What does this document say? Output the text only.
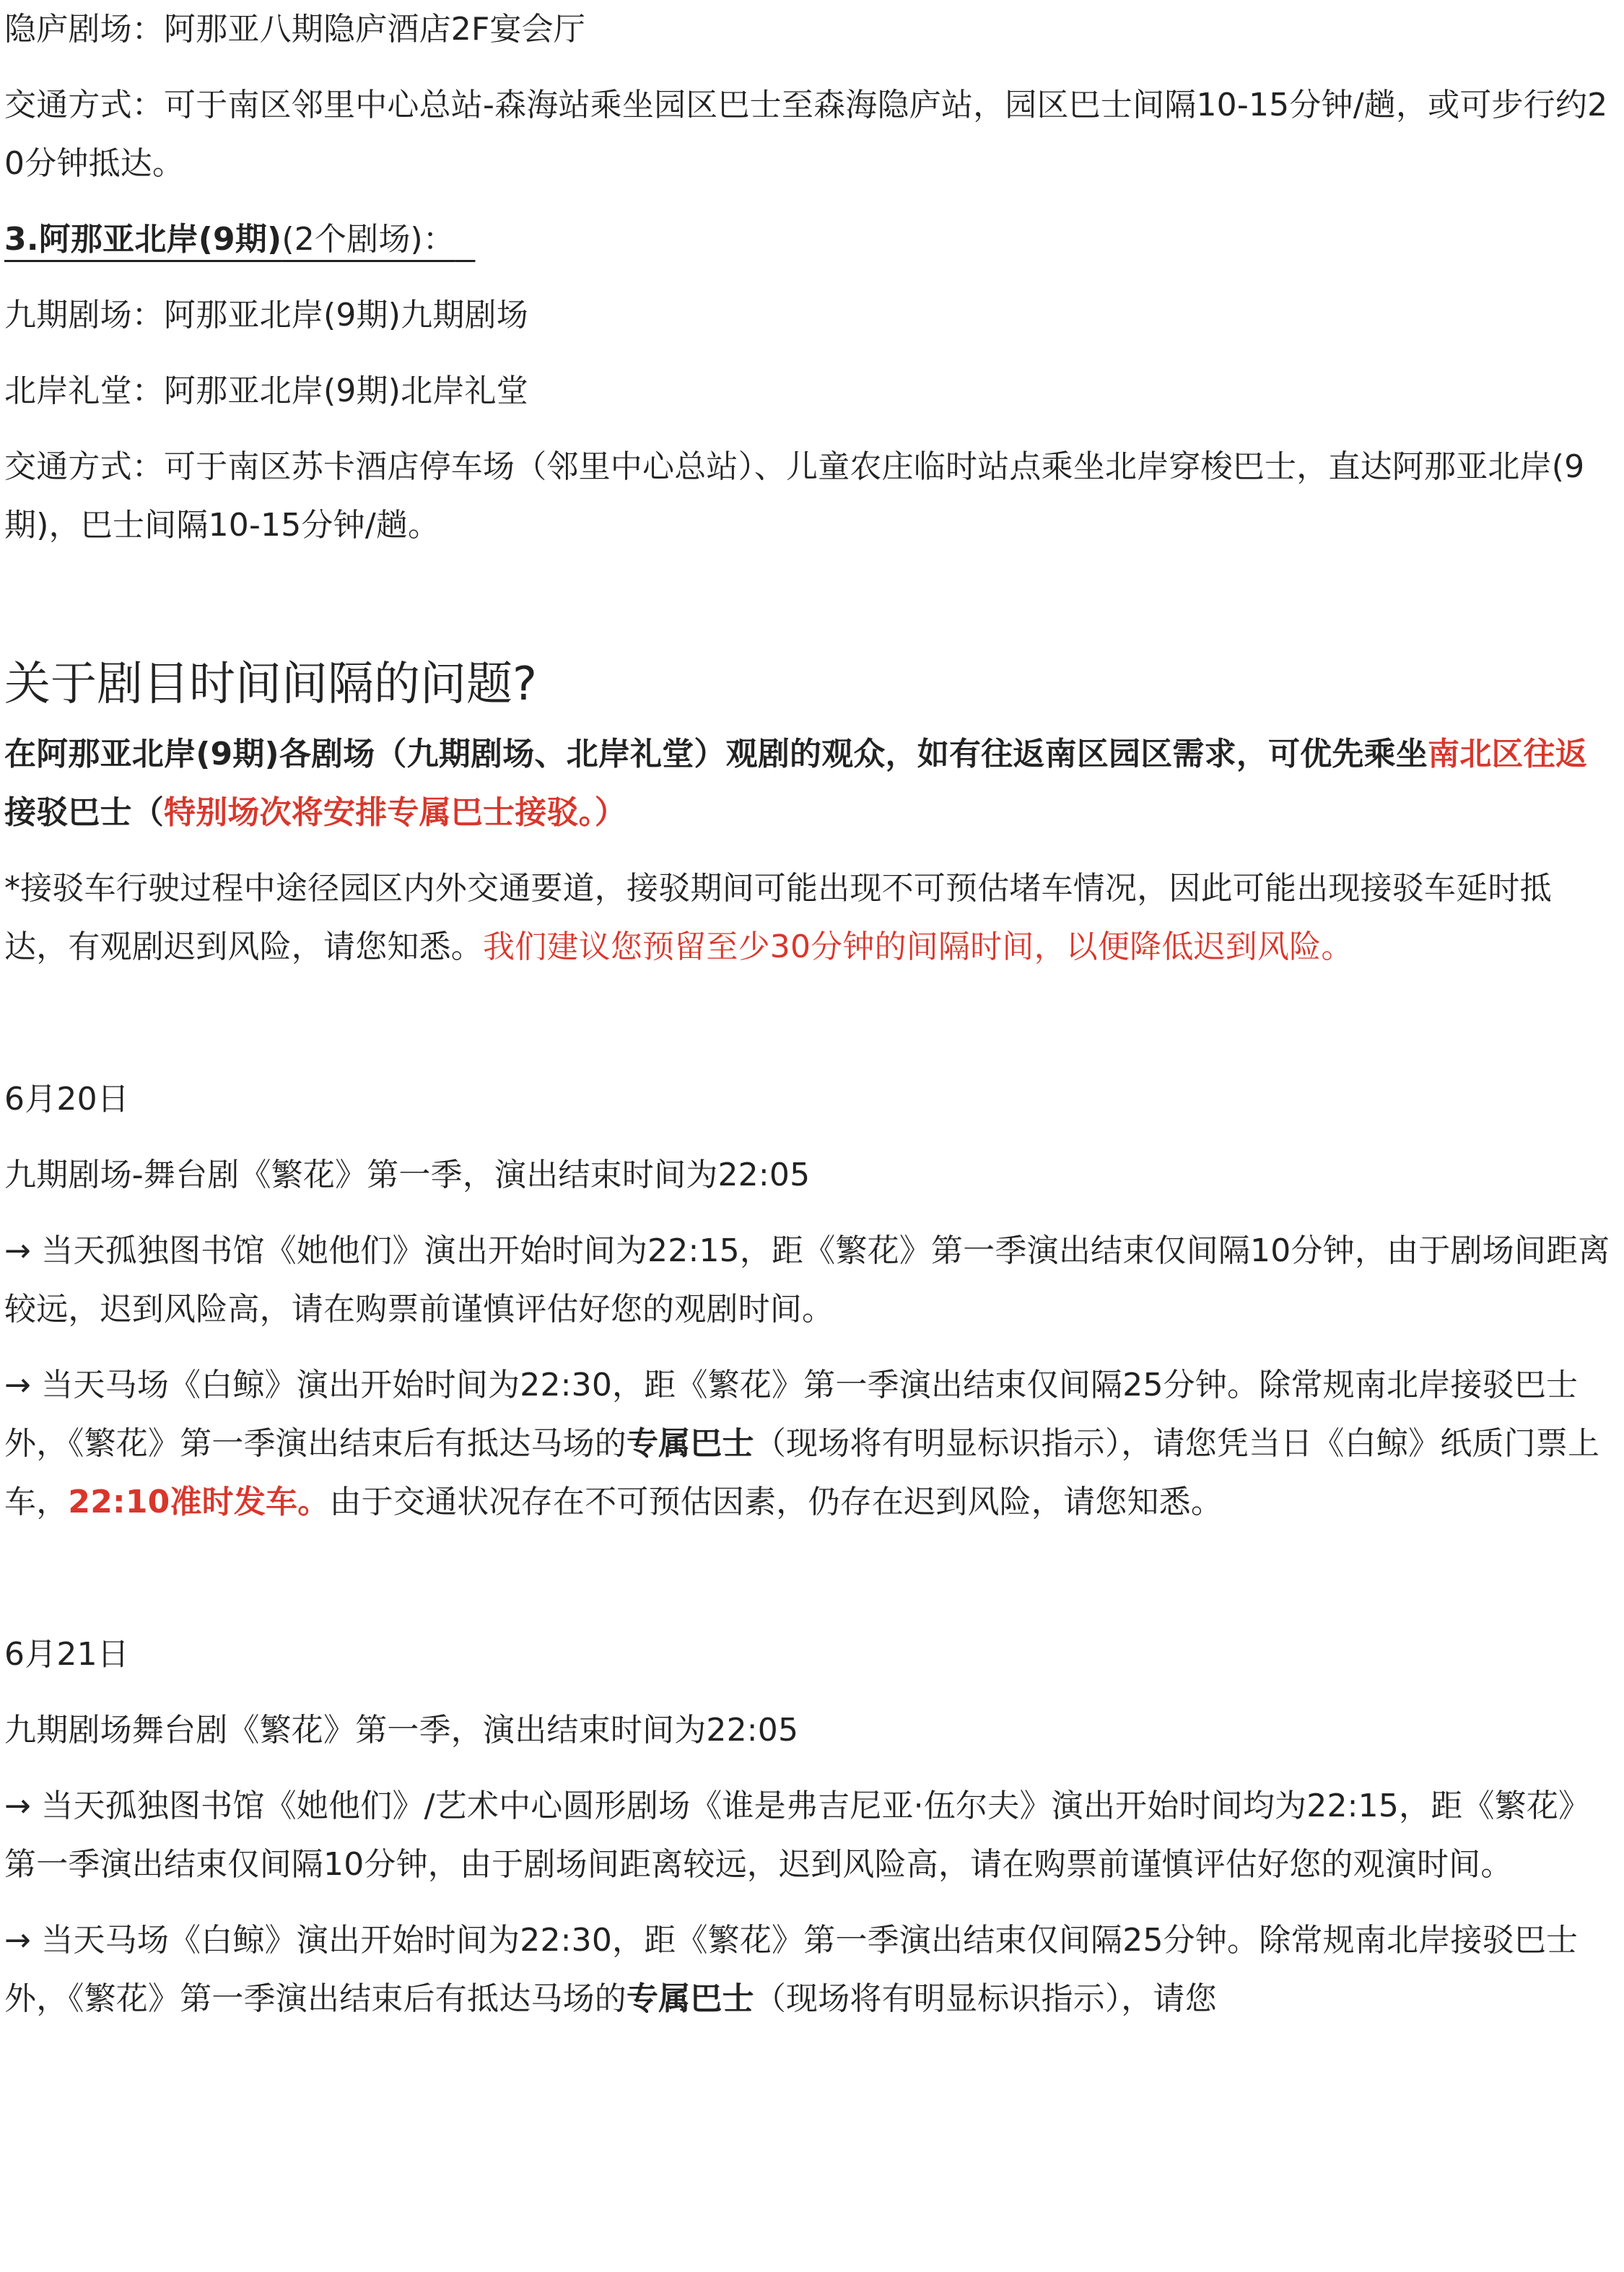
隐庐剧场：阿那亚八期隐庐酒店2F宴会厅

交通方式：可于南区邻里中心总站-森海站乘坐园区巴士至森海隐庐站，园区巴士间隔10-15分钟/趟，或可步行约20分钟抵达。

3.阿那亚北岸(9期)(2个剧场)：

九期剧场：阿那亚北岸(9期)九期剧场

北岸礼堂：阿那亚北岸(9期)北岸礼堂

交通方式：可于南区苏卡酒店停车场（邻里中心总站）、儿童农庄临时站点乘坐北岸穿梭巴士，直达阿那亚北岸(9期)，巴士间隔10-15分钟/趟。

关于剧目时间间隔的问题?

在阿那亚北岸(9期)各剧场（九期剧场、北岸礼堂）观剧的观众，如有往返南区园区需求，可优先乘坐南北区往返接驳巴士（特别场次将安排专属巴士接驳。）

*接驳车行驶过程中途径园区内外交通要道，接驳期间可能出现不可预估堵车情况，因此可能出现接驳车延时抵达，有观剧迟到风险，请您知悉。我们建议您预留至少30分钟的间隔时间，以便降低迟到风险。

6月20日

九期剧场-舞台剧《繁花》第一季，演出结束时间为22:05

→ 当天孤独图书馆《她他们》演出开始时间为22:15，距《繁花》第一季演出结束仅间隔10分钟，由于剧场间距离较远，迟到风险高，请在购票前谨慎评估好您的观剧时间。

→ 当天马场《白鲸》演出开始时间为22:30，距《繁花》第一季演出结束仅间隔25分钟。除常规南北岸接驳巴士外，《繁花》第一季演出结束后有抵达马场的专属巴士（现场将有明显标识指示），请您凭当日《白鲸》纸质门票上车，22:10准时发车。由于交通状况存在不可预估因素，仍存在迟到风险，请您知悉。

6月21日

九期剧场舞台剧《繁花》第一季，演出结束时间为22:05

→ 当天孤独图书馆《她他们》/艺术中心圆形剧场《谁是弗吉尼亚·伍尔夫》演出开始时间均为22:15，距《繁花》第一季演出结束仅间隔10分钟，由于剧场间距离较远，迟到风险高，请在购票前谨慎评估好您的观演时间。

→ 当天马场《白鲸》演出开始时间为22:30，距《繁花》第一季演出结束仅间隔25分钟。除常规南北岸接驳巴士外，《繁花》第一季演出结束后有抵达马场的专属巴士（现场将有明显标识指示），请您
